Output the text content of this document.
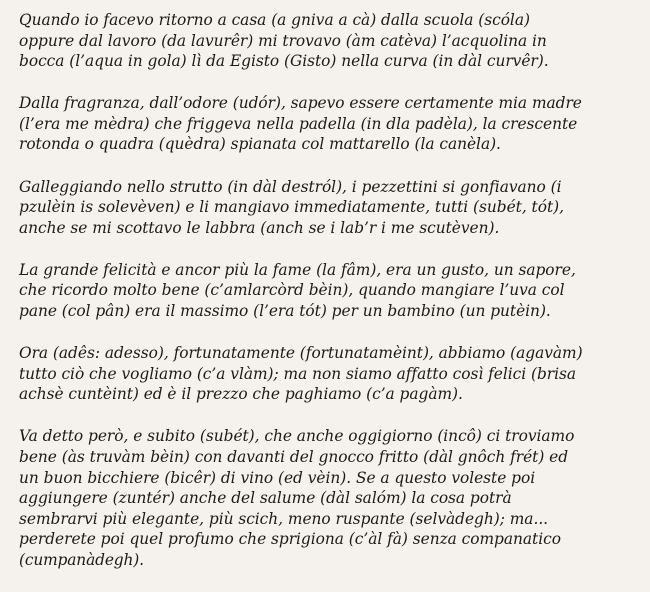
Quando io facevo ritorno a casa (a gniva a cà) dalla scuola (scóla)
oppure dal lavoro (da lavurêr) mi trovavo (àm catèva) l’acquolina in
bocca (l’aqua in gola) lì da Egisto (Gisto) nella curva (in dàl curvêr).

Dalla fragranza, dall’odore (udór), sapevo essere certamente mia madre
(l’era me mèdra) che friggeva nella padella (in dla padèla), la crescente
rotonda o quadra (quèdra) spianata col mattarello (la canèla).

Galleggiando nello strutto (in dàl destról), i pezzettini si gonfiavano (i
pzulèin is solevèven) e li mangiavo immediatamente, tutti (subét, tót),
anche se mi scottavo le labbra (anch se i lab’r i me scutèven).

La grande felicità e ancor più la fame (la fâm), era un gusto, un sapore,
che ricordo molto bene (c’amlarcòrd bèin), quando mangiare l’uva col
pane (col pân) era il massimo (l’era tót) per un bambino (un putèin).

Ora (adês: adesso), fortunatamente (fortunatamèint), abbiamo (agavàm)
tutto ciò che vogliamo (c’a vlàm); ma non siamo affatto così felici (brisa
achsè cuntèint) ed è il prezzo che paghiamo (c’a pagàm).

Va detto però, e subito (subét), che anche oggigiorno (incô) ci troviamo
bene (às truvàm bèin) con davanti del gnocco fritto (dàl gnôch frét) ed
un buon bicchiere (bicêr) di vino (ed vèin). Se a questo voleste poi
aggiungere (zuntér) anche del salume (dàl salóm) la cosa potrà
sembrarvi più elegante, più scich, meno ruspante (selvàdegh); ma...
perderete poi quel profumo che sprigiona (c’àl fà) senza companatico
(cumpanàdegh).
